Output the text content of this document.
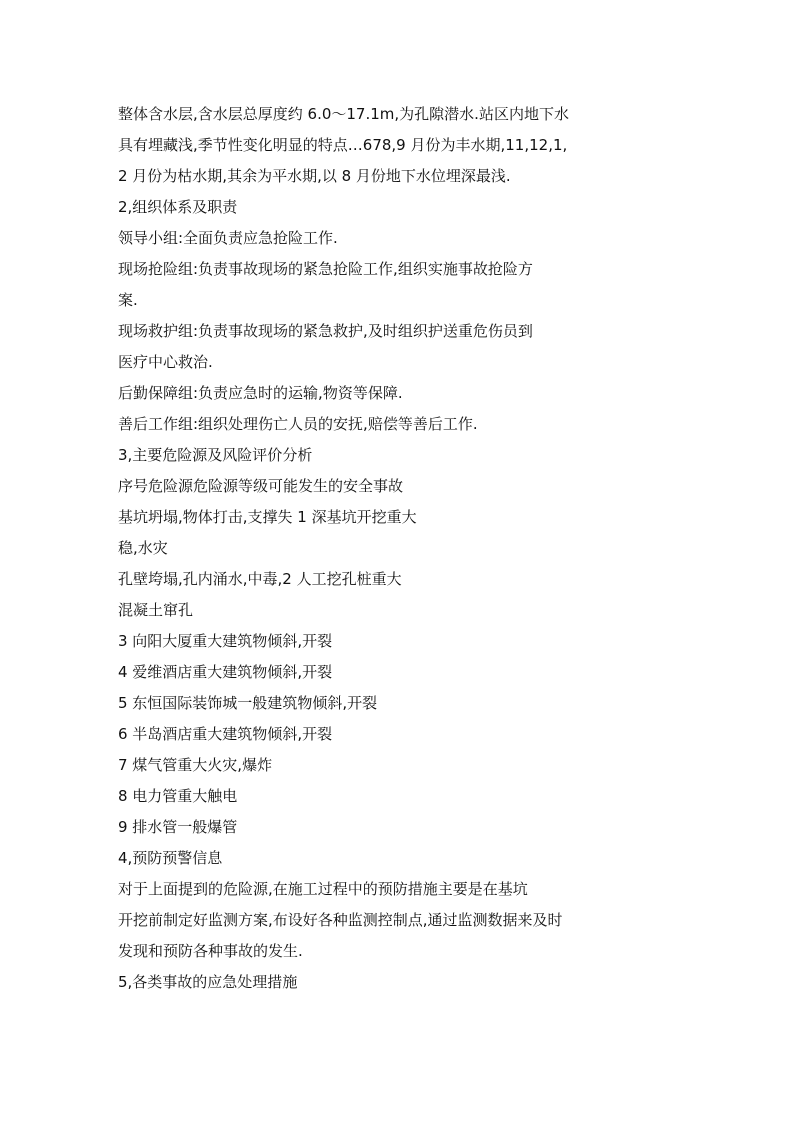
整体含水层,含水层总厚度约 6.0～17.1m,为孔隙潜水.站区内地下水
具有埋藏浅,季节性变化明显的特点…678,9 月份为丰水期,11,12,1,
2 月份为枯水期,其余为平水期,以 8 月份地下水位埋深最浅.
2,组织体系及职责
领导小组:全面负责应急抢险工作.
现场抢险组:负责事故现场的紧急抢险工作,组织实施事故抢险方
案.
现场救护组:负责事故现场的紧急救护,及时组织护送重危伤员到
医疗中心救治.
后勤保障组:负责应急时的运输,物资等保障.
善后工作组:组织处理伤亡人员的安抚,赔偿等善后工作.
3,主要危险源及风险评价分析
序号危险源危险源等级可能发生的安全事故
基坑坍塌,物体打击,支撑失 1 深基坑开挖重大
稳,水灾
孔壁垮塌,孔内涌水,中毒,2 人工挖孔桩重大
混凝土窜孔
3 向阳大厦重大建筑物倾斜,开裂
4 爱维酒店重大建筑物倾斜,开裂
5 东恒国际装饰城一般建筑物倾斜,开裂
6 半岛酒店重大建筑物倾斜,开裂
7 煤气管重大火灾,爆炸
8 电力管重大触电
9 排水管一般爆管
4,预防预警信息
对于上面提到的危险源,在施工过程中的预防措施主要是在基坑
开挖前制定好监测方案,布设好各种监测控制点,通过监测数据来及时
发现和预防各种事故的发生.
5,各类事故的应急处理措施
